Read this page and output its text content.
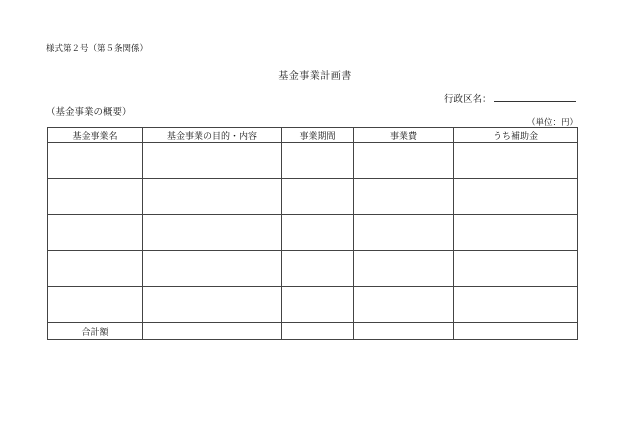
様式第２号（第５条関係）
基金事業計画書
行政区名：
（基金事業の概要）
（単位：円）
基金事業名	基金事業の目的・内容	事業期間	事業費	うち補助金

合計額				
